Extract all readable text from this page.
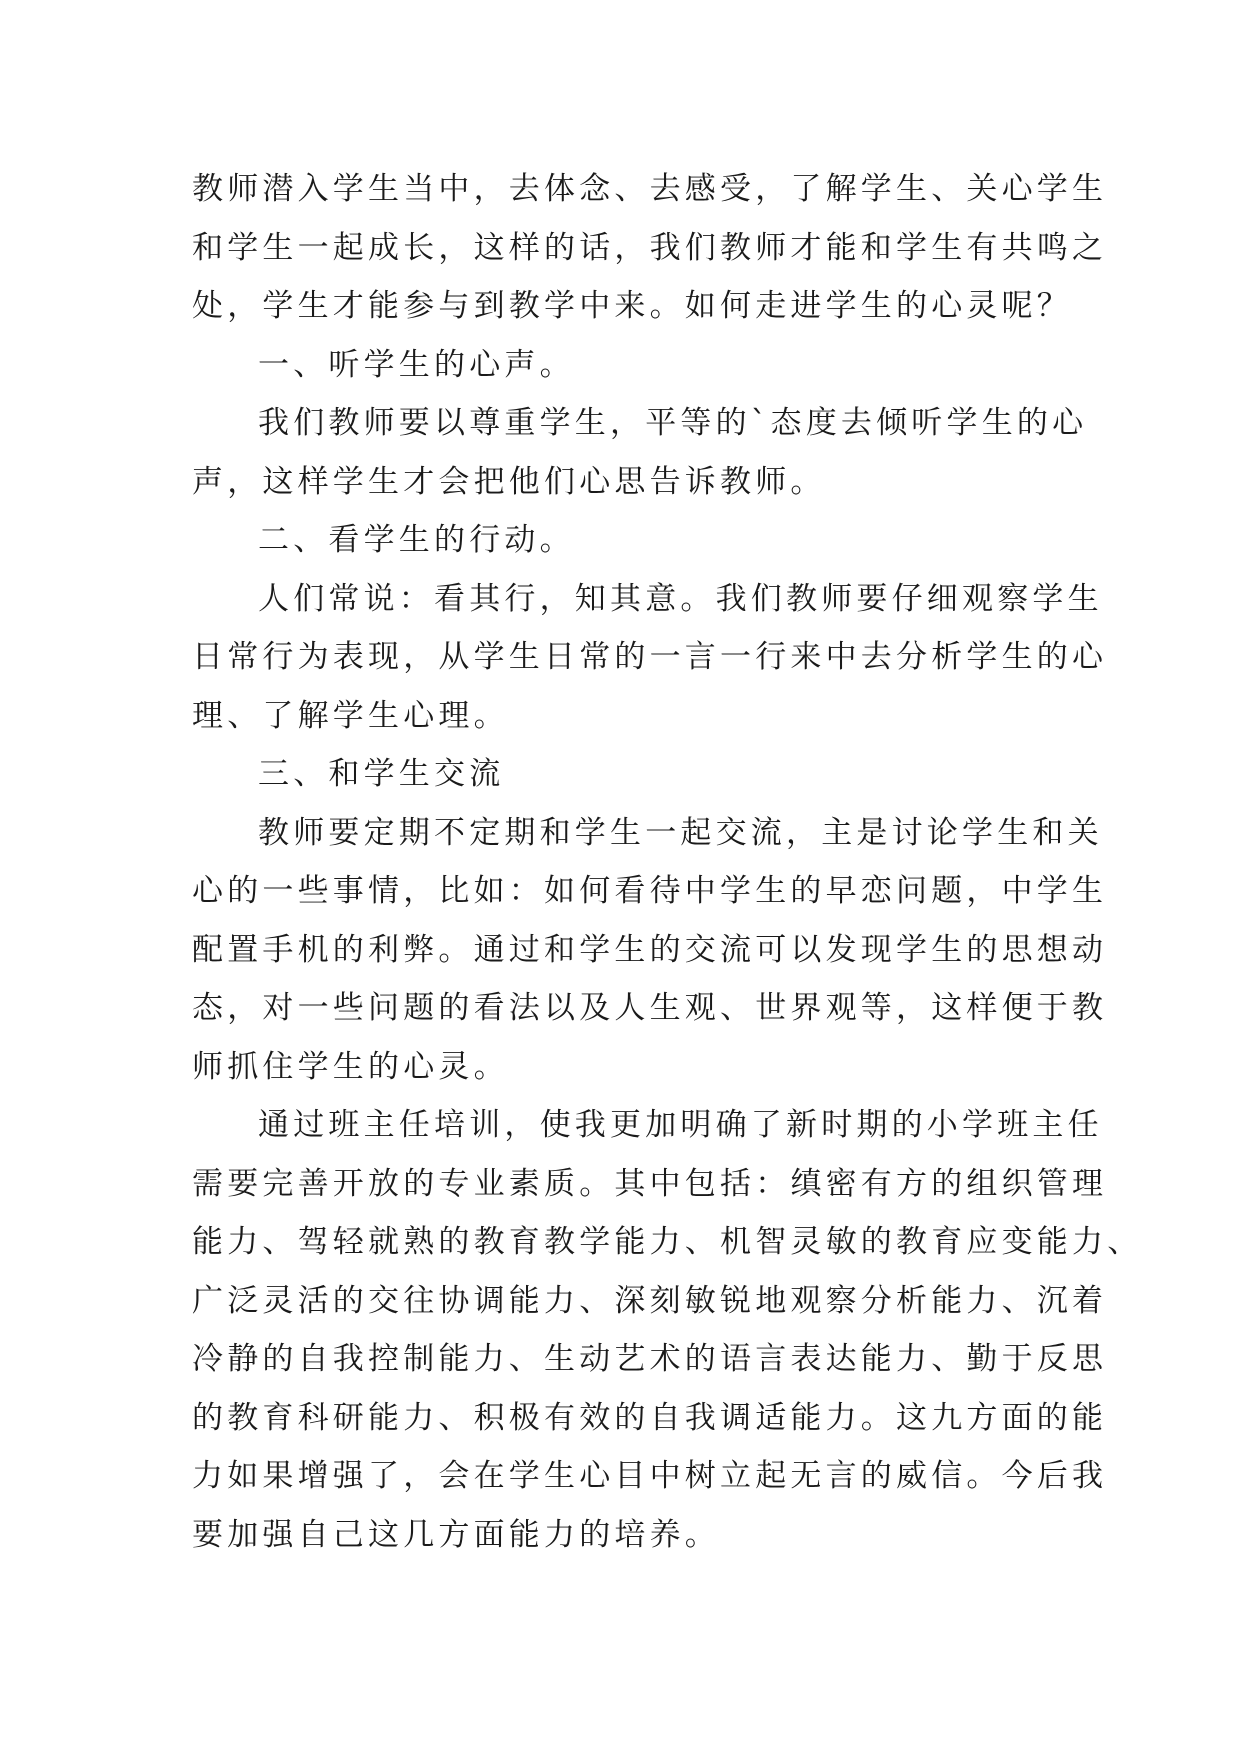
教师潜入学生当中，去体念、去感受，了解学生、关心学生
和学生一起成长，这样的话，我们教师才能和学生有共鸣之
处，学生才能参与到教学中来。如何走进学生的心灵呢？
一、听学生的心声。
我们教师要以尊重学生，平等的`态度去倾听学生的心
声，这样学生才会把他们心思告诉教师。
二、看学生的行动。
人们常说：看其行，知其意。我们教师要仔细观察学生
日常行为表现，从学生日常的一言一行来中去分析学生的心
理、了解学生心理。
三、和学生交流
教师要定期不定期和学生一起交流，主是讨论学生和关
心的一些事情，比如：如何看待中学生的早恋问题，中学生
配置手机的利弊。通过和学生的交流可以发现学生的思想动
态，对一些问题的看法以及人生观、世界观等，这样便于教
师抓住学生的心灵。
通过班主任培训，使我更加明确了新时期的小学班主任
需要完善开放的专业素质。其中包括：缜密有方的组织管理
能力、驾轻就熟的教育教学能力、机智灵敏的教育应变能力、
广泛灵活的交往协调能力、深刻敏锐地观察分析能力、沉着
冷静的自我控制能力、生动艺术的语言表达能力、勤于反思
的教育科研能力、积极有效的自我调适能力。这九方面的能
力如果增强了，会在学生心目中树立起无言的威信。今后我
要加强自己这几方面能力的培养。
